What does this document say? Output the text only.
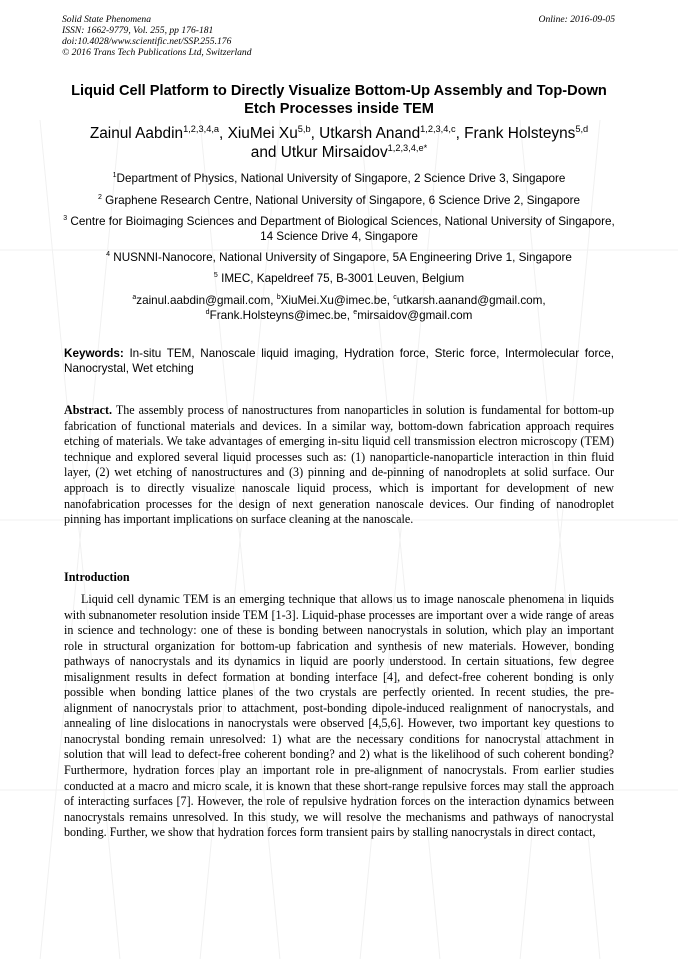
Solid State Phenomena
ISSN: 1662-9779, Vol. 255, pp 176-181
doi:10.4028/www.scientific.net/SSP.255.176
© 2016 Trans Tech Publications Ltd, Switzerland
Online: 2016-09-05
Liquid Cell Platform to Directly Visualize Bottom-Up Assembly and Top-Down Etch Processes inside TEM
Zainul Aabdin$^{1,2,3,4,a}$, XiuMei Xu$^{5,b}$, Utkarsh Anand$^{1,2,3,4,c}$, Frank Holsteyns$^{5,d}$
and Utkur Mirsaidov$^{1,2,3,4,e*}$
$^1$Department of Physics, National University of Singapore, 2 Science Drive 3, Singapore
$^2$ Graphene Research Centre, National University of Singapore, 6 Science Drive 2, Singapore
$^3$ Centre for Bioimaging Sciences and Department of Biological Sciences, National University of Singapore, 14 Science Drive 4, Singapore
$^4$ NUSNNI-Nanocore, National University of Singapore, 5A Engineering Drive 1, Singapore
$^5$ IMEC, Kapeldreef 75, B-3001 Leuven, Belgium
$^a$zainul.aabdin@gmail.com, $^b$XiuMei.Xu@imec.be, $^c$utkarsh.aanand@gmail.com, $^d$Frank.Holsteyns@imec.be, $^e$mirsaidov@gmail.com
Keywords: In-situ TEM, Nanoscale liquid imaging, Hydration force, Steric force, Intermolecular force, Nanocrystal, Wet etching
Abstract. The assembly process of nanostructures from nanoparticles in solution is fundamental for bottom-up fabrication of functional materials and devices. In a similar way, bottom-down fabrication approach requires etching of materials. We take advantages of emerging in-situ liquid cell transmission electron microscopy (TEM) technique and explored several liquid processes such as: (1) nanoparticle-nanoparticle interaction in thin fluid layer, (2) wet etching of nanostructures and (3) pinning and de-pinning of nanodroplets at solid surface. Our approach is to directly visualize nanoscale liquid process, which is important for development of new nanofabrication processes for the design of next generation nanoscale devices. Our finding of nanodroplet pinning has important implications on surface cleaning at the nanoscale.
Introduction
Liquid cell dynamic TEM is an emerging technique that allows us to image nanoscale phenomena in liquids with subnanometer resolution inside TEM [1-3]. Liquid-phase processes are important over a wide range of areas in science and technology: one of these is bonding between nanocrystals in solution, which play an important role in structural organization for bottom-up fabrication and synthesis of new materials. However, bonding pathways of nanocrystals and its dynamics in liquid are poorly understood. In certain situations, few degree misalignment results in defect formation at bonding interface [4], and defect-free coherent bonding is only possible when bonding lattice planes of the two crystals are perfectly oriented. In recent studies, the pre-alignment of nanocrystals prior to attachment, post-bonding dipole-induced realignment of nanocrystals, and annealing of line dislocations in nanocrystals were observed [4,5,6]. However, two important key questions to nanocrystal bonding remain unresolved: 1) what are the necessary conditions for nanocrystal attachment in solution that will lead to defect-free coherent bonding? and 2) what is the likelihood of such coherent bonding? Furthermore, hydration forces play an important role in pre-alignment of nanocrystals. From earlier studies conducted at a macro and micro scale, it is known that these short-range repulsive forces may stall the approach of interacting surfaces [7]. However, the role of repulsive hydration forces on the interaction dynamics between nanocrystals remains unresolved. In this study, we will resolve the mechanisms and pathways of nanocrystal bonding. Further, we show that hydration forces form transient pairs by stalling nanocrystals in direct contact,
